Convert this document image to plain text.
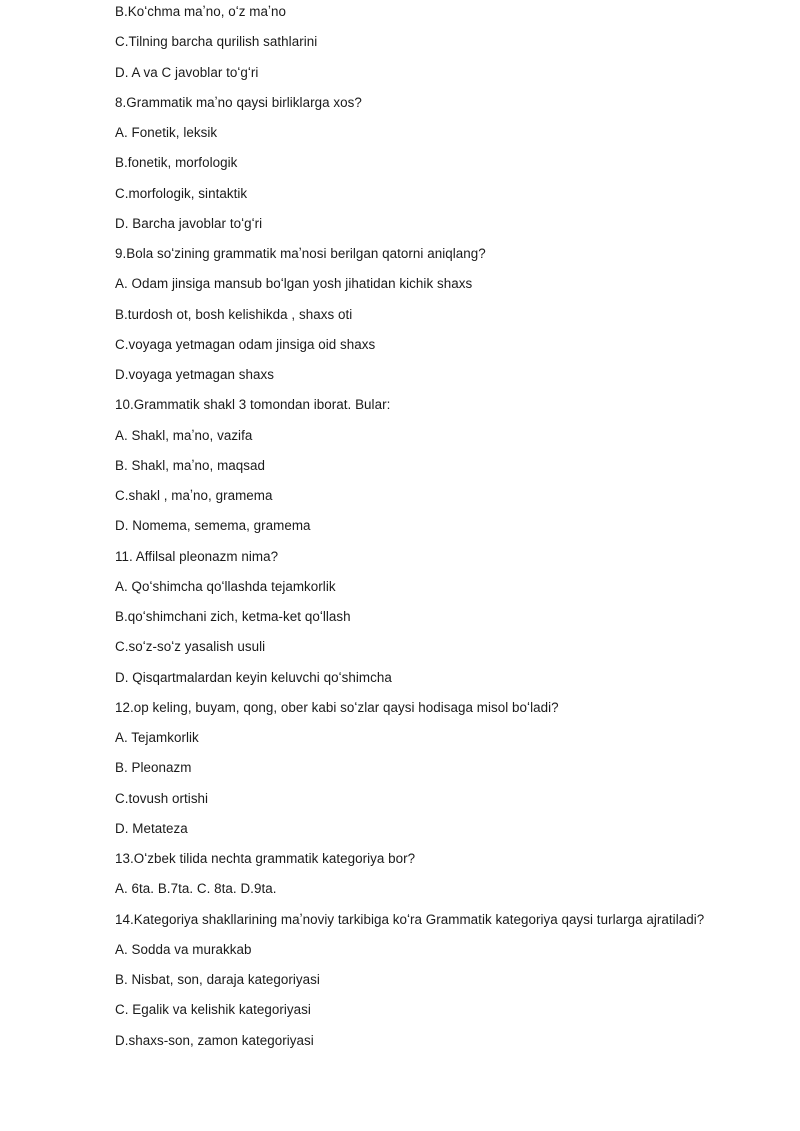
B.Koʻchma maʼno, oʻz maʼno
C.Tilning barcha qurilish sathlarini
D. A va C javoblar toʻgʻri
8.Grammatik maʼno qaysi birliklarga xos?
A. Fonetik, leksik
B.fonetik, morfologik
C.morfologik, sintaktik
D. Barcha javoblar toʻgʻri
9.Bola soʻzining grammatik maʼnosi berilgan qatorni aniqlang?
A. Odam jinsiga mansub boʻlgan yosh jihatidan kichik shaxs
B.turdosh ot, bosh kelishikda , shaxs oti
C.voyaga yetmagan odam jinsiga oid shaxs
D.voyaga yetmagan shaxs
10.Grammatik shakl 3 tomondan iborat. Bular:
A. Shakl, maʼno, vazifa
B. Shakl, maʼno, maqsad
C.shakl , maʼno, gramema
D. Nomema, semema, gramema
11. Affilsal pleonazm nima?
A. Qoʻshimcha qoʻllashda tejamkorlik
B.qoʻshimchani zich, ketma-ket qoʻllash
C.soʻz-soʻz yasalish usuli
D. Qisqartmalardan keyin keluvchi qoʻshimcha
12.op keling, buyam, qong, ober kabi soʻzlar qaysi hodisaga misol boʻladi?
A. Tejamkorlik
B. Pleonazm
C.tovush ortishi
D. Metateza
13.Oʻzbek tilida nechta grammatik kategoriya bor?
A. 6ta. B.7ta. C. 8ta. D.9ta.
14.Kategoriya shakllarining maʼnoviy tarkibiga koʻra Grammatik kategoriya qaysi turlarga ajratiladi?
A. Sodda va murakkab
B. Nisbat, son, daraja kategoriyasi
C. Egalik va kelishik kategoriyasi
D.shaxs-son, zamon kategoriyasi
